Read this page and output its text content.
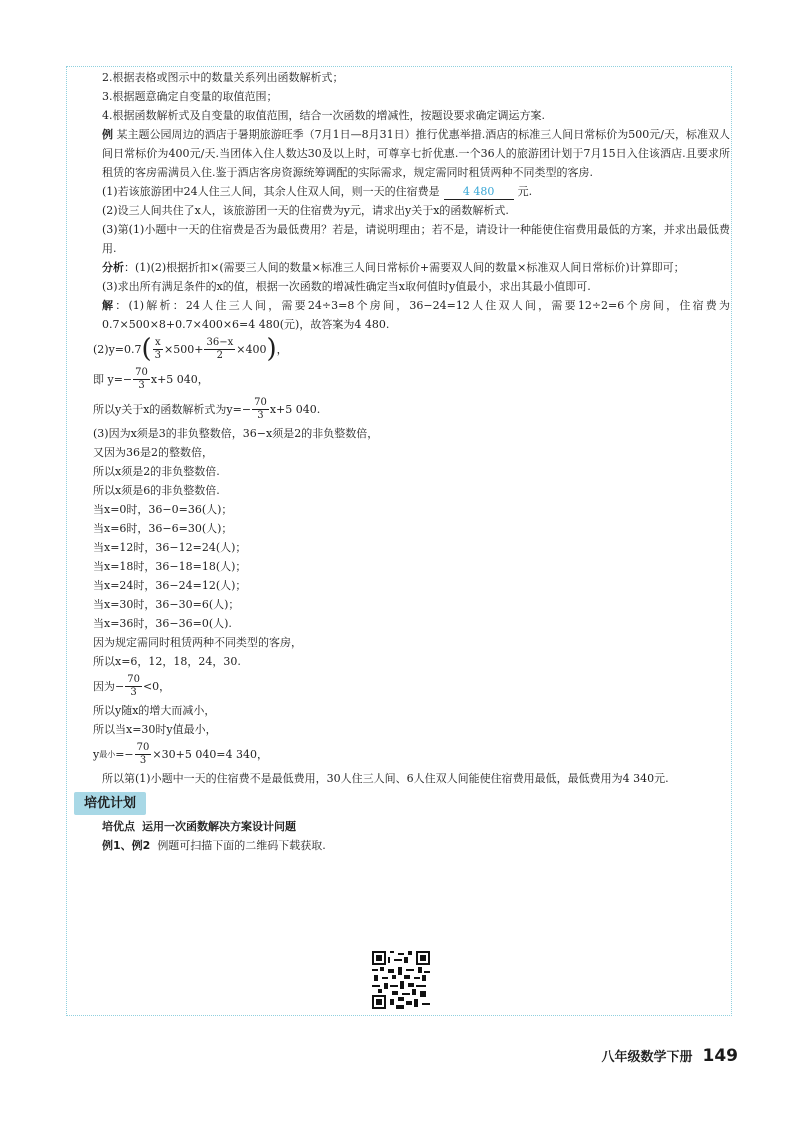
2.根据表格或图示中的数量关系列出函数解析式；
3.根据题意确定自变量的取值范围；
4.根据函数解析式及自变量的取值范围，结合一次函数的增减性，按题设要求确定调运方案.
例 某主题公园周边的酒店于暑期旅游旺季（7月1日—8月31日）推行优惠举措.酒店的标准三人间日常标价为500元/天，标准双人间日常标价为400元/天.当团体入住人数达30及以上时，可尊享七折优惠.一个36人的旅游团计划于7月15日入住该酒店.且要求所租赁的客房需满员入住.鉴于酒店客房资源统筹调配的实际需求，规定需同时租赁两种不同类型的客房.
(1)若该旅游团中24人住三人间，其余人住双人间，则一天的住宿费是 4 480 元.
(2)设三人间共住了x人，该旅游团一天的住宿费为y元，请求出y关于x的函数解析式.
(3)第(1)小题中一天的住宿费是否为最低费用？若是，请说明理由；若不是，请设计一种能使住宿费用最低的方案，并求出最低费用.
分析：(1)(2)根据折扣×(需要三人间的数量×标准三人间日常标价+需要双人间的数量×标准双人间日常标价)计算即可；
(3)求出所有满足条件的x的值，根据一次函数的增减性确定当x取何值时y值最小，求出其最小值即可.
解：(1)解析：24人住三人间，需要24÷3=8个房间，36−24=12人住双人间，需要12÷2=6个房间，住宿费为0.7×500×8+0.7×400×6=4 480(元)，故答案为4 480.
(2)y=0.7 ( $\frac{x}{3} \times 500+ \frac{36-x}{2} \times 400$ ) ，
即 $y=- \frac{70}{3} x+5$ 040，
所以y关于x的函数解析式为$y=- \frac{70}{3} x+5$ 040.
(3)因为x须是3的非负整数倍，36−x须是2的非负整数倍，
又因为36是2的整数倍，
所以x须是2的非负整数倍.
所以x须是6的非负整数倍.
当x=0时，36−0=36(人)；
当x=6时，36−6=30(人)；
当x=12时，36−12=24(人)；
当x=18时，36−18=18(人)；
当x=24时，36−24=12(人)；
当x=30时，36−30=6(人)；
当x=36时，36−36=0(人).
因为规定需同时租赁两种不同类型的客房，
所以x=6，12，18，24，30.
因为− $\frac{70}{3} <0$，
所以y随x的增大而减小，
所以当x=30时y值最小，
y 最小 =− $\frac{70}{3} \times 30+5$ 040=4 340，
所以第(1)小题中一天的住宿费不是最低费用，30人住三人间、6人住双人间能使住宿费用最低，最低费用为4 340元.
培优计划
培优点 运用一次函数解决方案设计问题
例1、例2 例题可扫描下面的二维码下载获取.
八年级数学下册 149
